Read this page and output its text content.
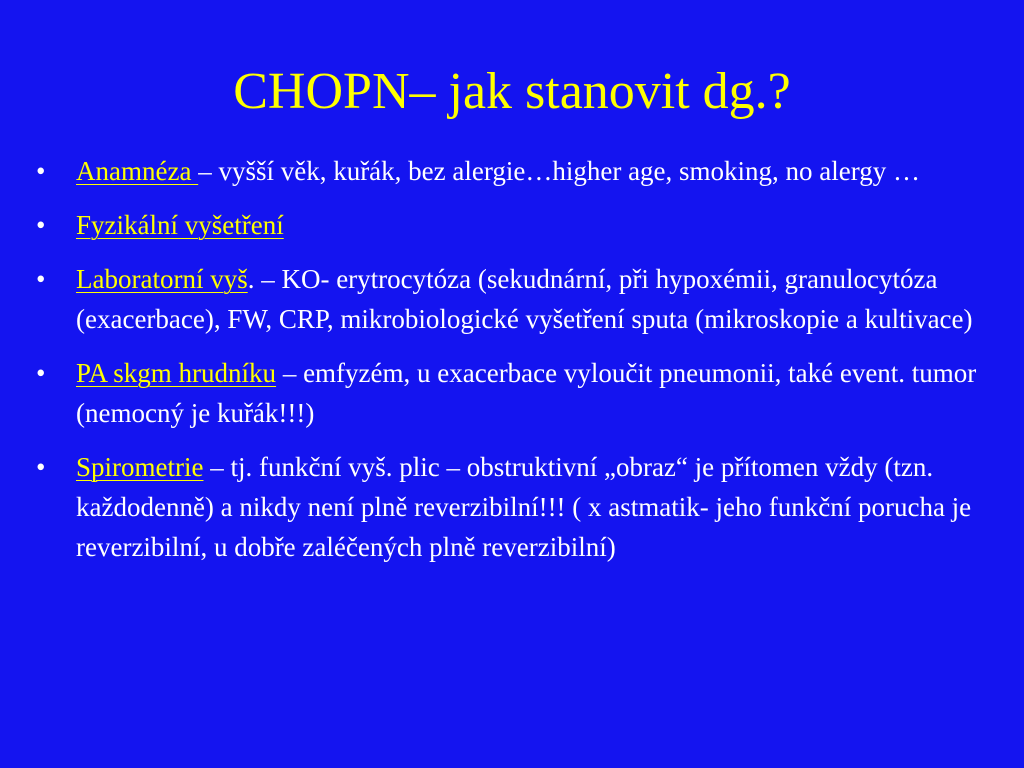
CHOPN– jak stanovit dg.?
• Anamnéza – vyšší věk, kuřák, bez alergie…higher age, smoking, no alergy …
• Fyzikální vyšetření
• Laboratorní vyš. – KO- erytrocytóza (sekudnární, při hypoxémii, granulocytóza (exacerbace), FW, CRP, mikrobiologické vyšetření sputa (mikroskopie a kultivace)
• PA skgm hrudníku – emfyzém, u exacerbace vyloučit pneumonii, také event. tumor (nemocný je kuřák!!!)
• Spirometrie – tj. funkční vyš. plic – obstruktivní „obraz“ je přítomen vždy (tzn. každodenně) a nikdy není plně reverzibilní!!! ( x astmatik- jeho funkční porucha je reverzibilní, u dobře zaléčených plně reverzibilní)
